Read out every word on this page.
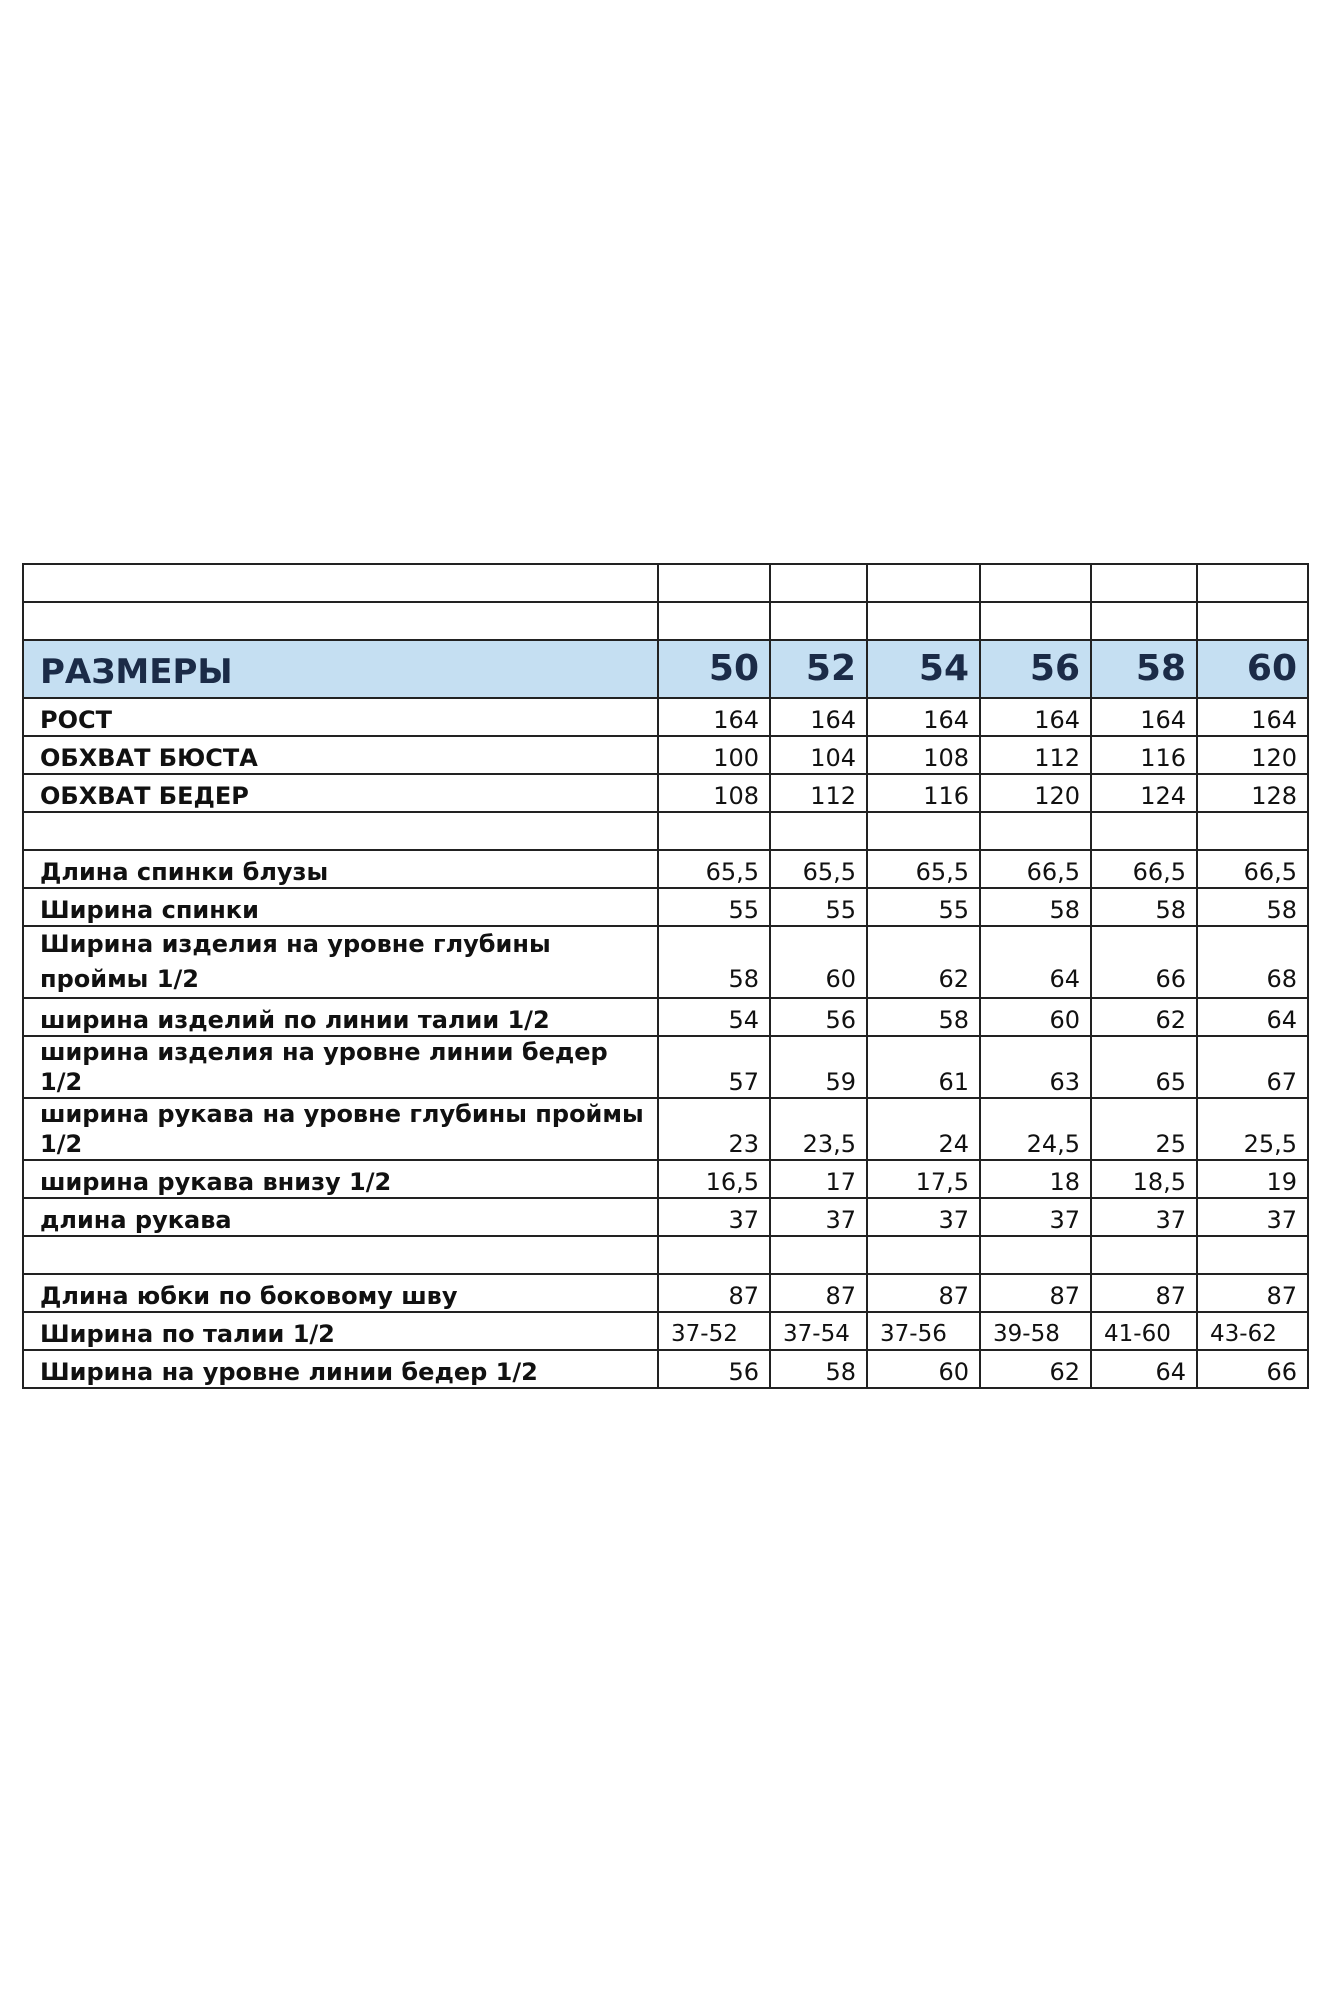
РАЗМЕРЫ	50	52	54	56	58	60
РОСТ	164	164	164	164	164	164
ОБХВАТ БЮСТА	100	104	108	112	116	120
ОБХВАТ БЕДЕР	108	112	116	120	124	128

Длина спинки блузы	65,5	65,5	65,5	66,5	66,5	66,5
Ширина спинки	55	55	55	58	58	58
Ширина изделия на уровне глубины проймы 1/2	58	60	62	64	66	68
ширина изделий по линии талии 1/2	54	56	58	60	62	64
ширина изделия на уровне линии бедер 1/2	57	59	61	63	65	67
ширина рукава на уровне глубины проймы 1/2	23	23,5	24	24,5	25	25,5
ширина рукава внизу 1/2	16,5	17	17,5	18	18,5	19
длина рукава	37	37	37	37	37	37

Длина юбки по боковому шву	87	87	87	87	87	87
Ширина по талии 1/2	37-52	37-54	37-56	39-58	41-60	43-62
Ширина на уровне линии бедер 1/2	56	58	60	62	64	66
